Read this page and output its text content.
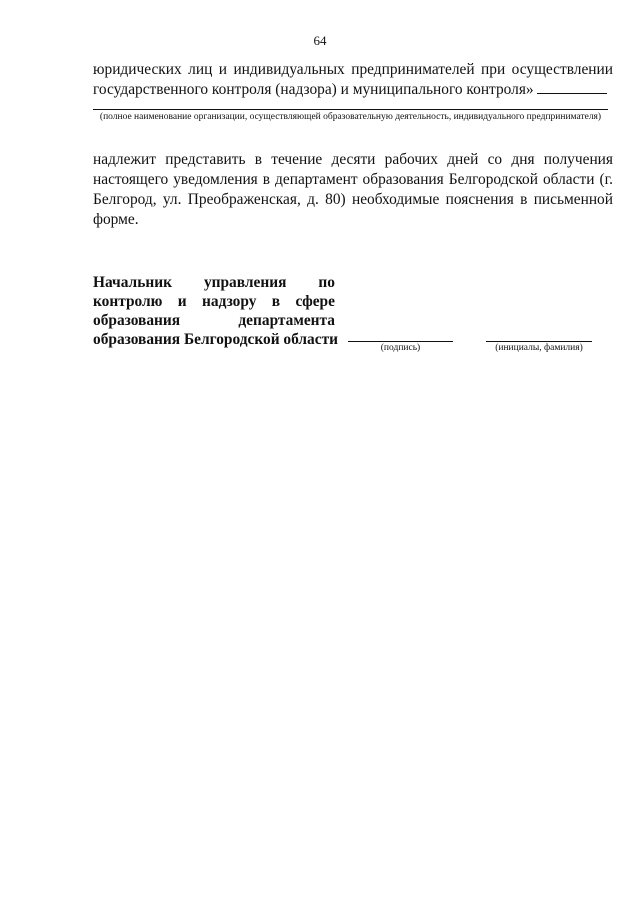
64
юридических лиц и индивидуальных предпринимателей при осуществлении государственного контроля (надзора) и муниципального контроля»
(полное наименование организации, осуществляющей образовательную деятельность, индивидуального предпринимателя)
надлежит представить в течение десяти рабочих дней со дня получения настоящего уведомления в департамент образования Белгородской области (г. Белгород, ул. Преображенская, д. 80) необходимые пояснения в письменной форме.
Начальник управления по
контролю и надзору в сфере
образования	департамента
образования Белгородской области	(подпись)	(инициалы, фамилия)
